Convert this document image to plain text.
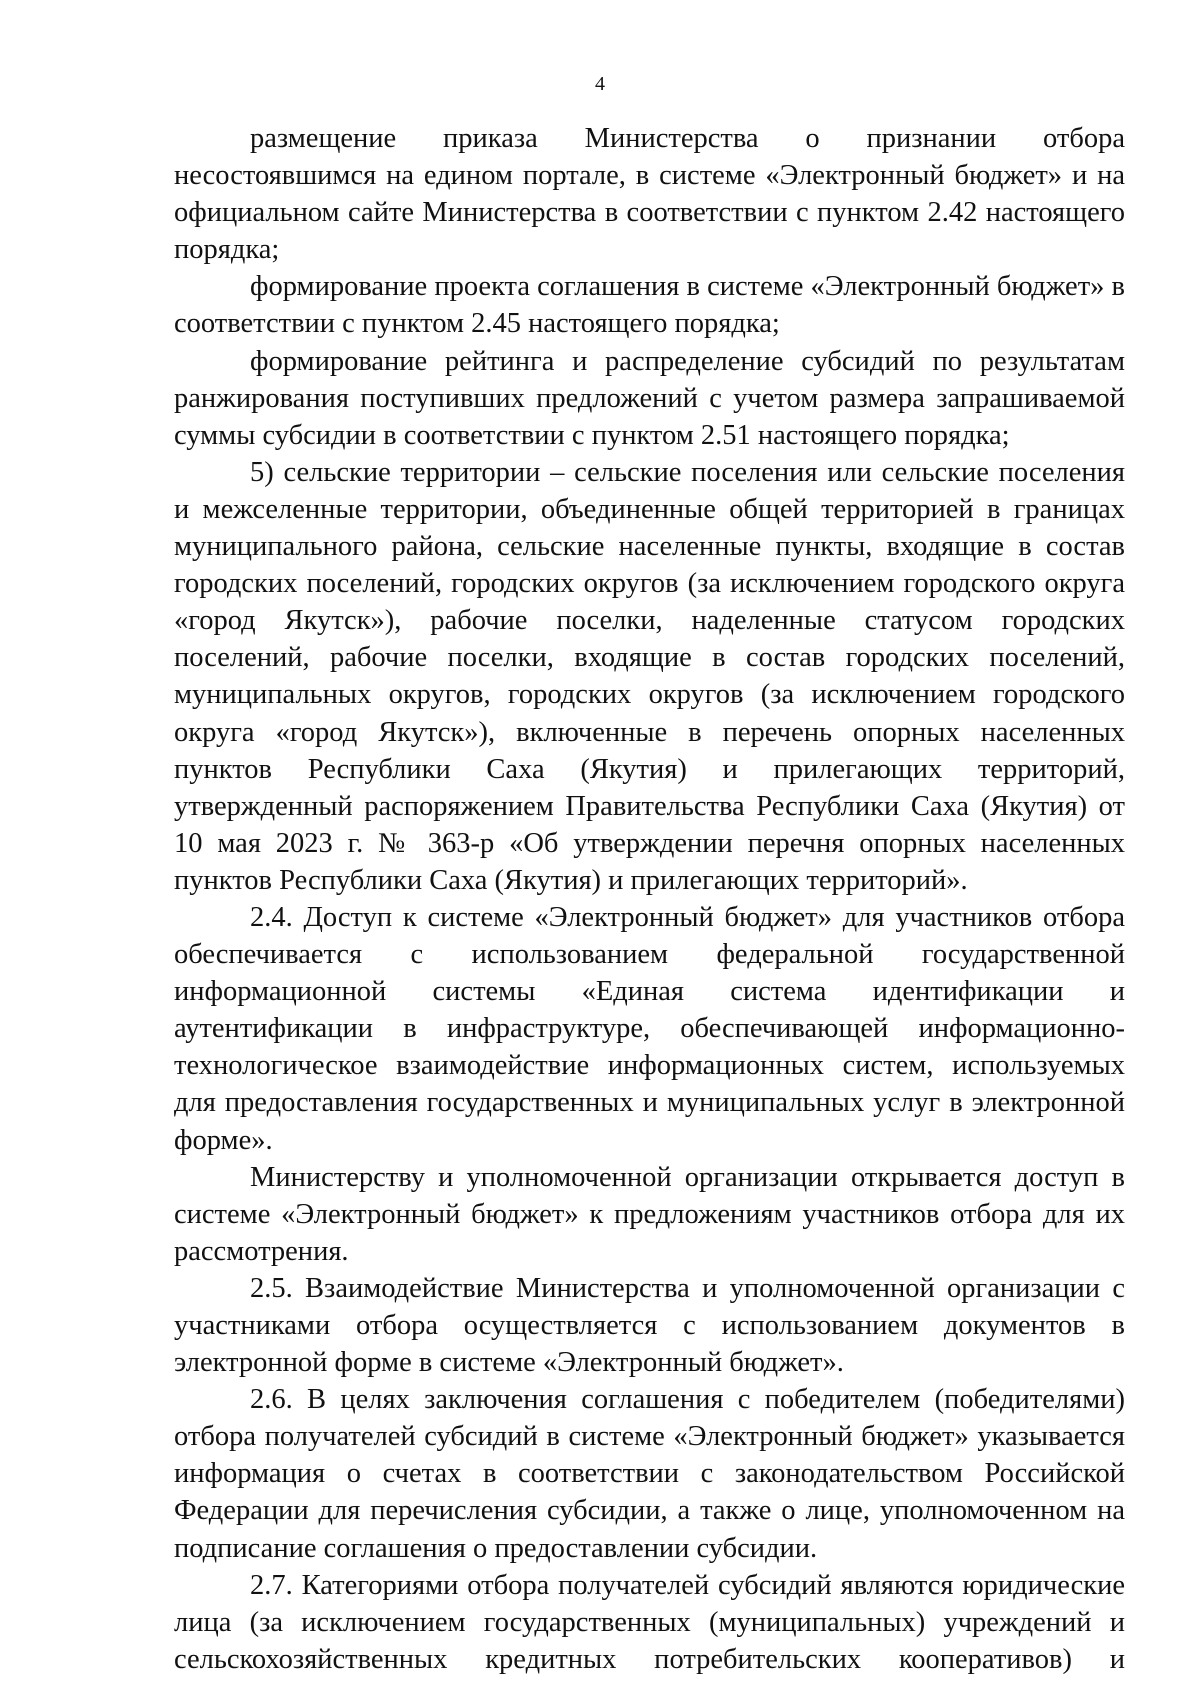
4

размещение приказа Министерства о признании отбора несостоявшимся на едином портале, в системе «Электронный бюджет» и на официальном сайте Министерства в соответствии с пунктом 2.42 настоящего порядка;

формирование проекта соглашения в системе «Электронный бюджет» в соответствии с пунктом 2.45 настоящего порядка;

формирование рейтинга и распределение субсидий по результатам ранжирования поступивших предложений с учетом размера запрашиваемой суммы субсидии в соответствии с пунктом 2.51 настоящего порядка;

5) сельские территории – сельские поселения или сельские поселения и межселенные территории, объединенные общей территорией в границах муниципального района, сельские населенные пункты, входящие в состав городских поселений, городских округов (за исключением городского округа «город Якутск»), рабочие поселки, наделенные статусом городских поселений, рабочие поселки, входящие в состав городских поселений, муниципальных округов, городских округов (за исключением городского округа «город Якутск»), включенные в перечень опорных населенных пунктов Республики Саха (Якутия) и прилегающих территорий, утвержденный распоряжением Правительства Республики Саха (Якутия) от 10 мая 2023 г. № 363-р «Об утверждении перечня опорных населенных пунктов Республики Саха (Якутия) и прилегающих территорий».

2.4. Доступ к системе «Электронный бюджет» для участников отбора обеспечивается с использованием федеральной государственной информационной системы «Единая система идентификации и аутентификации в инфраструктуре, обеспечивающей информационно-технологическое взаимодействие информационных систем, используемых для предоставления государственных и муниципальных услуг в электронной форме».

Министерству и уполномоченной организации открывается доступ в системе «Электронный бюджет» к предложениям участников отбора для их рассмотрения.

2.5. Взаимодействие Министерства и уполномоченной организации с участниками отбора осуществляется с использованием документов в электронной форме в системе «Электронный бюджет».

2.6. В целях заключения соглашения с победителем (победителями) отбора получателей субсидий в системе «Электронный бюджет» указывается информация о счетах в соответствии с законодательством Российской Федерации для перечисления субсидии, а также о лице, уполномоченном на подписание соглашения о предоставлении субсидии.

2.7. Категориями отбора получателей субсидий являются юридические лица (за исключением государственных (муниципальных) учреждений и сельскохозяйственных кредитных потребительских кооперативов) и
